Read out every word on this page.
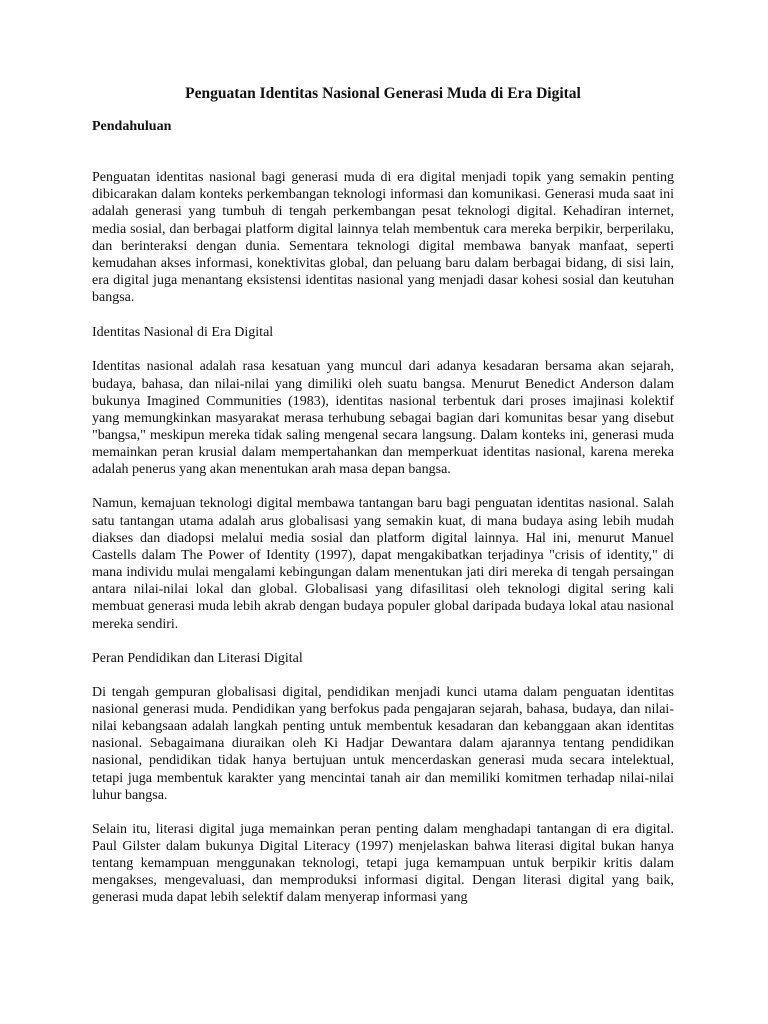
Penguatan Identitas Nasional Generasi Muda di Era Digital

Pendahuluan

Penguatan identitas nasional bagi generasi muda di era digital menjadi topik yang semakin penting dibicarakan dalam konteks perkembangan teknologi informasi dan komunikasi. Generasi muda saat ini adalah generasi yang tumbuh di tengah perkembangan pesat teknologi digital. Kehadiran internet, media sosial, dan berbagai platform digital lainnya telah membentuk cara mereka berpikir, berperilaku, dan berinteraksi dengan dunia. Sementara teknologi digital membawa banyak manfaat, seperti kemudahan akses informasi, konektivitas global, dan peluang baru dalam berbagai bidang, di sisi lain, era digital juga menantang eksistensi identitas nasional yang menjadi dasar kohesi sosial dan keutuhan bangsa.

Identitas Nasional di Era Digital

Identitas nasional adalah rasa kesatuan yang muncul dari adanya kesadaran bersama akan sejarah, budaya, bahasa, dan nilai-nilai yang dimiliki oleh suatu bangsa. Menurut Benedict Anderson dalam bukunya Imagined Communities (1983), identitas nasional terbentuk dari proses imajinasi kolektif yang memungkinkan masyarakat merasa terhubung sebagai bagian dari komunitas besar yang disebut "bangsa," meskipun mereka tidak saling mengenal secara langsung. Dalam konteks ini, generasi muda memainkan peran krusial dalam mempertahankan dan memperkuat identitas nasional, karena mereka adalah penerus yang akan menentukan arah masa depan bangsa.

Namun, kemajuan teknologi digital membawa tantangan baru bagi penguatan identitas nasional. Salah satu tantangan utama adalah arus globalisasi yang semakin kuat, di mana budaya asing lebih mudah diakses dan diadopsi melalui media sosial dan platform digital lainnya. Hal ini, menurut Manuel Castells dalam The Power of Identity (1997), dapat mengakibatkan terjadinya "crisis of identity," di mana individu mulai mengalami kebingungan dalam menentukan jati diri mereka di tengah persaingan antara nilai-nilai lokal dan global. Globalisasi yang difasilitasi oleh teknologi digital sering kali membuat generasi muda lebih akrab dengan budaya populer global daripada budaya lokal atau nasional mereka sendiri.

Peran Pendidikan dan Literasi Digital

Di tengah gempuran globalisasi digital, pendidikan menjadi kunci utama dalam penguatan identitas nasional generasi muda. Pendidikan yang berfokus pada pengajaran sejarah, bahasa, budaya, dan nilai-nilai kebangsaan adalah langkah penting untuk membentuk kesadaran dan kebanggaan akan identitas nasional. Sebagaimana diuraikan oleh Ki Hadjar Dewantara dalam ajarannya tentang pendidikan nasional, pendidikan tidak hanya bertujuan untuk mencerdaskan generasi muda secara intelektual, tetapi juga membentuk karakter yang mencintai tanah air dan memiliki komitmen terhadap nilai-nilai luhur bangsa.

Selain itu, literasi digital juga memainkan peran penting dalam menghadapi tantangan di era digital. Paul Gilster dalam bukunya Digital Literacy (1997) menjelaskan bahwa literasi digital bukan hanya tentang kemampuan menggunakan teknologi, tetapi juga kemampuan untuk berpikir kritis dalam mengakses, mengevaluasi, dan memproduksi informasi digital. Dengan literasi digital yang baik, generasi muda dapat lebih selektif dalam menyerap informasi yang
